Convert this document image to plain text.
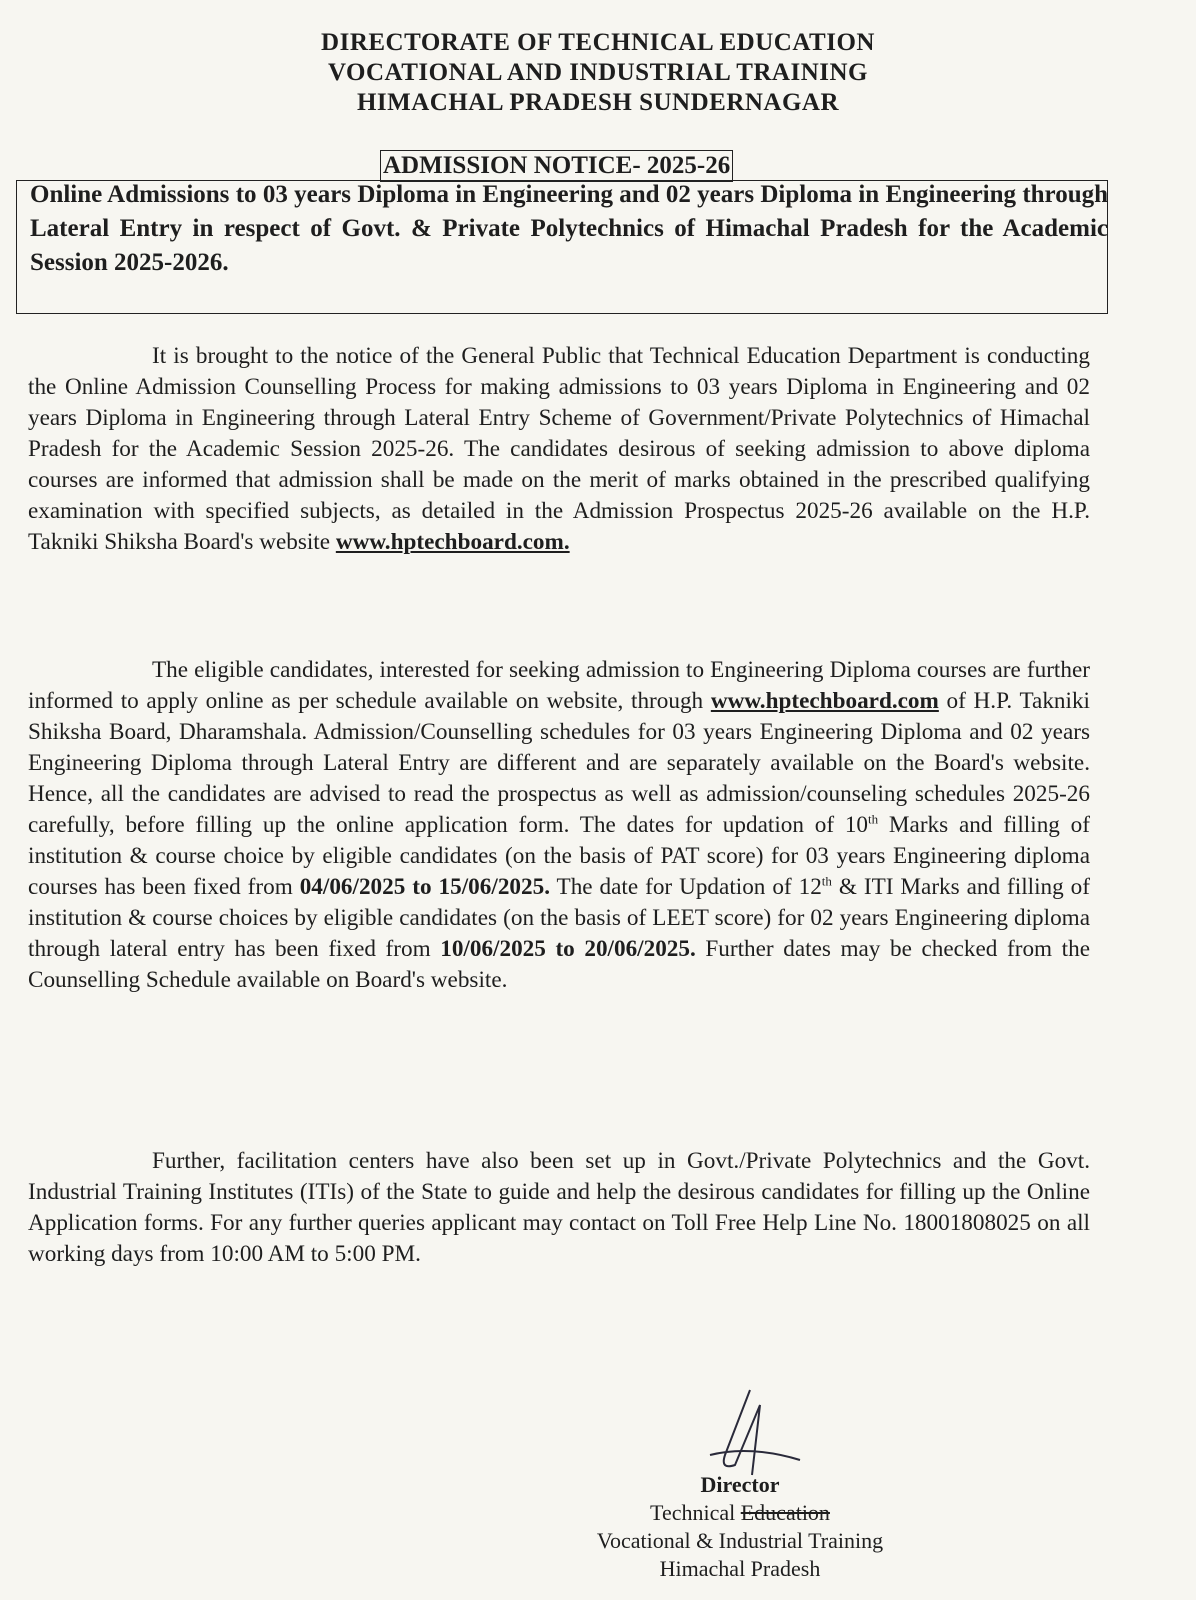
DIRECTORATE OF TECHNICAL EDUCATION
VOCATIONAL AND INDUSTRIAL TRAINING
HIMACHAL PRADESH SUNDERNAGAR
ADMISSION NOTICE- 2025-26
Online Admissions to 03 years Diploma in Engineering and 02 years Diploma in Engineering through Lateral Entry in respect of Govt. & Private Polytechnics of Himachal Pradesh for the Academic Session 2025-2026.
It is brought to the notice of the General Public that Technical Education Department is conducting the Online Admission Counselling Process for making admissions to 03 years Diploma in Engineering and 02 years Diploma in Engineering through Lateral Entry Scheme of Government/Private Polytechnics of Himachal Pradesh for the Academic Session 2025-26. The candidates desirous of seeking admission to above diploma courses are informed that admission shall be made on the merit of marks obtained in the prescribed qualifying examination with specified subjects, as detailed in the Admission Prospectus 2025-26 available on the H.P. Takniki Shiksha Board's website www.hptechboard.com.
The eligible candidates, interested for seeking admission to Engineering Diploma courses are further informed to apply online as per schedule available on website, through www.hptechboard.com of H.P. Takniki Shiksha Board, Dharamshala. Admission/Counselling schedules for 03 years Engineering Diploma and 02 years Engineering Diploma through Lateral Entry are different and are separately available on the Board's website. Hence, all the candidates are advised to read the prospectus as well as admission/counseling schedules 2025-26 carefully, before filling up the online application form. The dates for updation of 10th Marks and filling of institution & course choice by eligible candidates (on the basis of PAT score) for 03 years Engineering diploma courses has been fixed from 04/06/2025 to 15/06/2025. The date for Updation of 12th & ITI Marks and filling of institution & course choices by eligible candidates (on the basis of LEET score) for 02 years Engineering diploma through lateral entry has been fixed from 10/06/2025 to 20/06/2025. Further dates may be checked from the Counselling Schedule available on Board's website.
Further, facilitation centers have also been set up in Govt./Private Polytechnics and the Govt. Industrial Training Institutes (ITIs) of the State to guide and help the desirous candidates for filling up the Online Application forms. For any further queries applicant may contact on Toll Free Help Line No. 18001808025 on all working days from 10:00 AM to 5:00 PM.
Director
Technical Education
Vocational & Industrial Training
Himachal Pradesh
